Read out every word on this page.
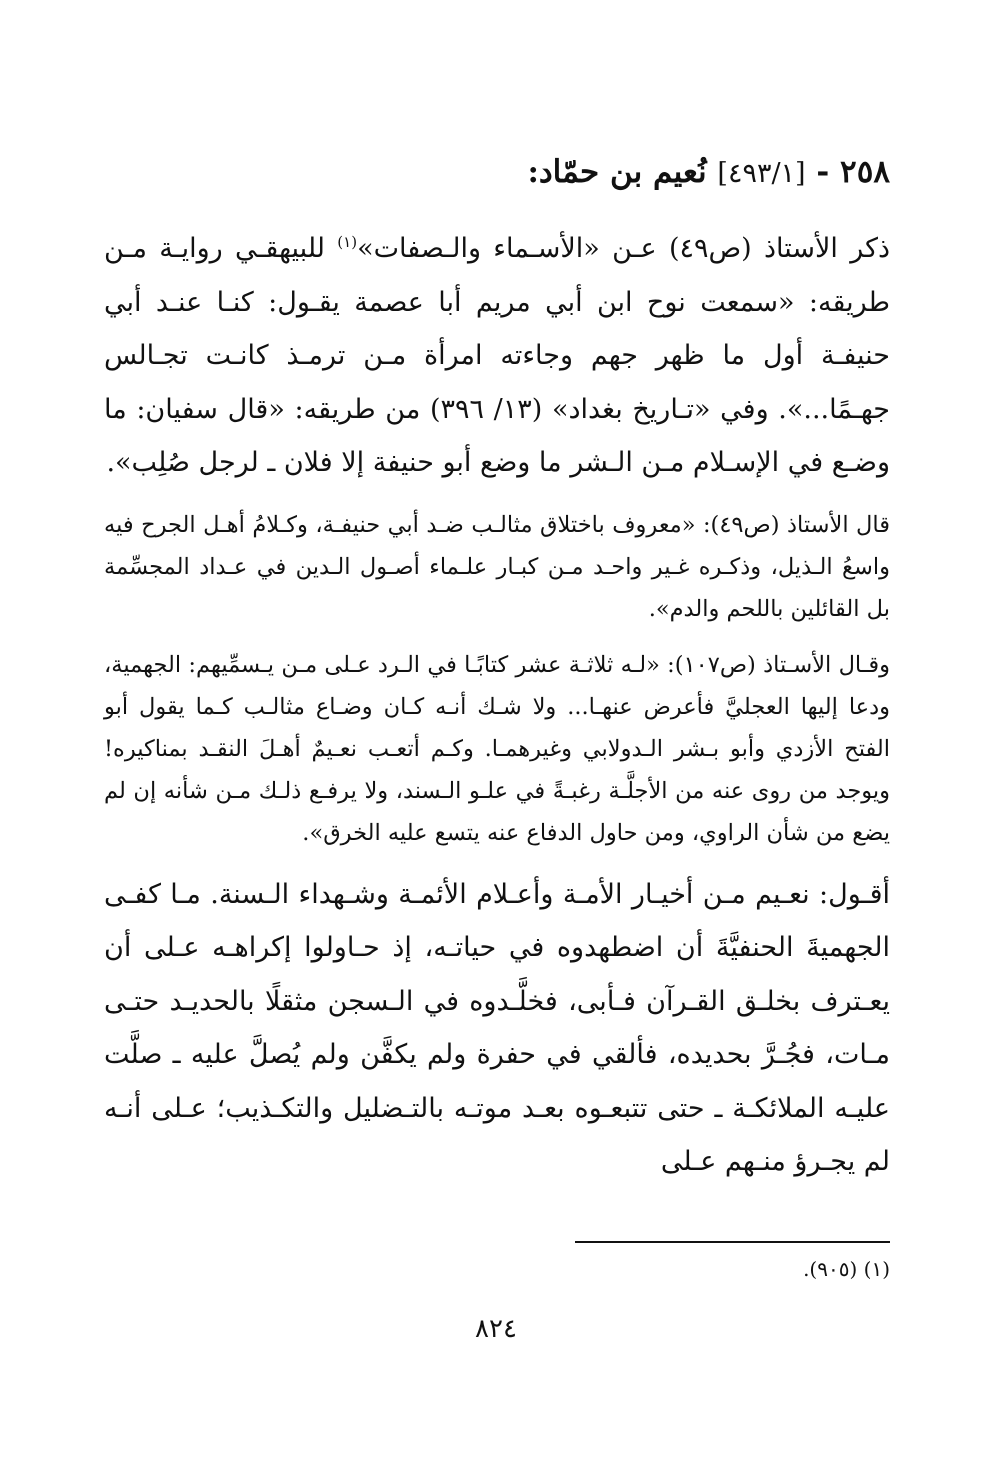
٢٥٨ - [٤٩٣/١] نُعيم بن حمّاد:

ذكر الأستاذ (ص٤٩) عـن «الأسـماء والـصفات»$^{(١)}$ للبيهقـي روايـة مـن طريقه: «سمعت نوح ابن أبي مريم أبا عصمة يقـول: كنـا عنـد أبي حنيفـة أول ما ظهر جهم وجاءته امرأة مـن ترمـذ كانـت تجـالس جهـمًا...». وفي «تـاريخ بغداد» (١٣/ ٣٩٦) من طريقه: «قال سفيان: ما وضـع في الإسـلام مـن الـشر ما وضع أبو حنيفة إلا فلان ـ لرجل صُلِب».

قال الأستاذ (ص٤٩): «معروف باختلاق مثالـب ضـد أبي حنيفـة، وكـلامُ أهـل الجرح فيه واسعُ الـذيل، وذكـره غـير واحـد مـن كبـار علـماء أصـول الـدين في عـداد المجسِّمة بل القائلين باللحم والدم».

وقـال الأسـتاذ (ص١٠٧): «لـه ثلاثـة عشر كتابًـا في الـرد عـلى مـن يـسمِّيهم: الجهمية، ودعا إليها العجليَّ فأعرض عنهـا... ولا شـك أنـه كـان وضـاع مثالـب كـما يقول أبو الفتح الأزدي وأبو بـشر الـدولابي وغيرهمـا. وكـم أتعـب نعـيمٌ أهـلَ النقـد بمناكيره! ويوجد من روى عنه من الأجلَّـة رغبـةً في علـو الـسند، ولا يرفـع ذلـك مـن شأنه إن لم يضع من شأن الراوي، ومن حاول الدفاع عنه يتسع عليه الخرق».

أقـول: نعـيم مـن أخيـار الأمـة وأعـلام الأئمـة وشـهداء الـسنة. مـا كفـى الجهميةَ الحنفيَّةَ أن اضطهدوه في حياتـه، إذ حـاولوا إكراهـه عـلى أن يعـترف بخلـق القـرآن فـأبى، فخلَّـدوه في الـسجن مثقلًا بالحديـد حتـى مـات، فجُـرَّ بحديده، فألقي في حفرة ولم يكفَّن ولم يُصلَّ عليه ـ صلَّت عليـه الملائكـة ـ حتى تتبعـوه بعـد موتـه بالتـضليل والتكـذيب؛ عـلى أنـه لم يجـرؤ منـهم عـلى

(١) (٩٠٥).
٨٢٤
